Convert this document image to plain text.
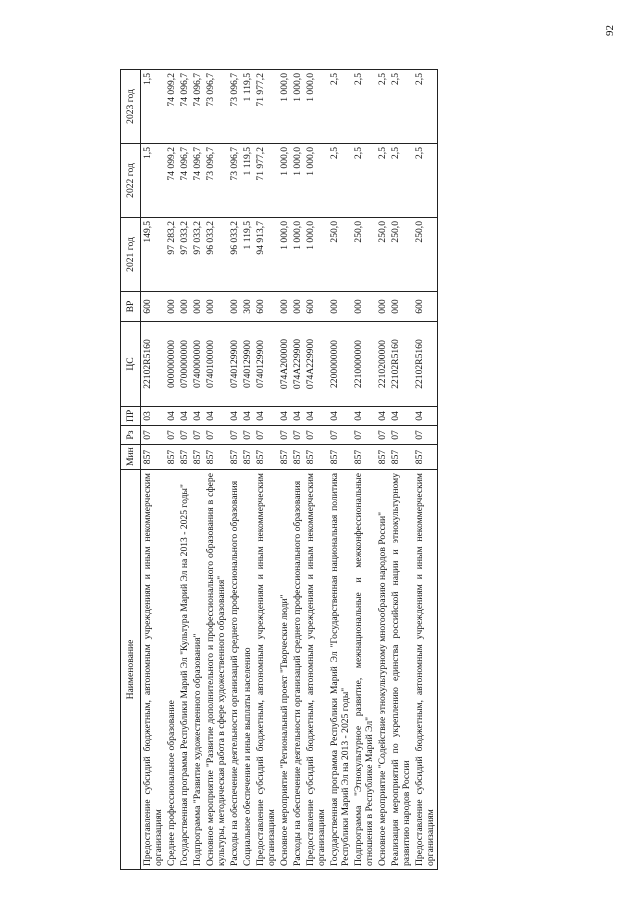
92
Наименование	Мин	Рз	ПР	ЦС	ВР	2021 год	2022 год	2023 год
Предоставление субсидий бюджетным, автономным учреждениям и иным некоммерческим организациям	857	07	03	22102R5160	600	149,5	1,5	1,5
Среднее профессиональное образование	857	07	04	0000000000	000	97 283,2	74 099,2	74 099,2
Государственная программа Республики Марий Эл "Культура Марий Эл на 2013 - 2025 годы"	857	07	04	0700000000	000	97 033,2	74 096,7	74 096,7
Подпрограмма "Развитие художественного образования"	857	07	04	0740000000	000	97 033,2	74 096,7	74 096,7
Основное мероприятие "Развитие дополнительного и профессионального образования в сфере культуры, методическая работа в сфере художественного образования"	857	07	04	0740100000	000	96 033,2	73 096,7	73 096,7
Расходы на обеспечение деятельности организаций среднего профессионального образования	857	07	04	0740129900	000	96 033,2	73 096,7	73 096,7
Социальное обеспечение и иные выплаты населению	857	07	04	0740129900	300	1 119,5	1 119,5	1 119,5
Предоставление субсидий бюджетным, автономным учреждениям и иным некоммерческим организациям	857	07	04	0740129900	600	94 913,7	71 977,2	71 977,2
Основное мероприятие "Региональный проект "Творческие люди"	857	07	04	074A200000	000	1 000,0	1 000,0	1 000,0
Расходы на обеспечение деятельности организаций среднего профессионального образования	857	07	04	074A229900	000	1 000,0	1 000,0	1 000,0
Предоставление субсидий бюджетным, автономным учреждениям и иным некоммерческим организациям	857	07	04	074A229900	600	1 000,0	1 000,0	1 000,0
Государственная программа Республики Марий Эл "Государственная национальная политика Республики Марий Эл на 2013 - 2025 годы"	857	07	04	2200000000	000	250,0	2,5	2,5
Подпрограмма "Этнокультурное развитие, межнациональные и межконфессиональные отношения в Республике Марий Эл"	857	07	04	2210000000	000	250,0	2,5	2,5
Основное мероприятие "Содействие этнокультурному многообразию народов России"	857	07	04	2210200000	000	250,0	2,5	2,5
Реализация мероприятий по укреплению единства российской нации и этнокультурному развитию народов России	857	07	04	22102R5160	000	250,0	2,5	2,5
Предоставление субсидий бюджетным, автономным учреждениям и иным некоммерческим организациям	857	07	04	22102R5160	600	250,0	2,5	2,5
